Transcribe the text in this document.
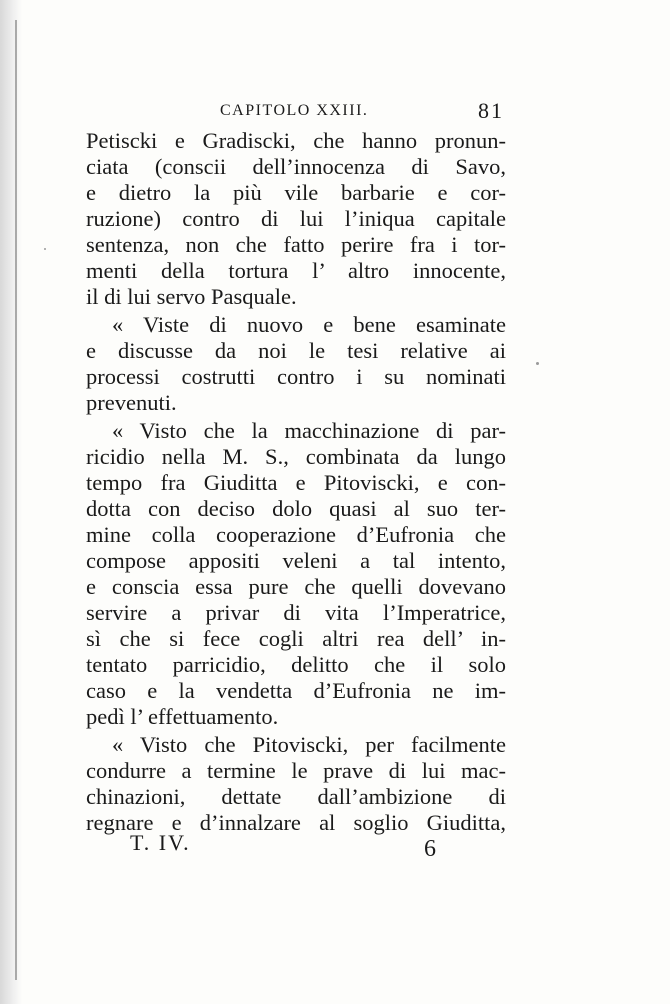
CAPITOLO XXIII.	81
Petiscki e Gradiscki, che hanno pronun-
ciata (conscii dell’innocenza di Savo,
e dietro la più vile barbarie e cor-
ruzione) contro di lui l’iniqua capitale
sentenza, non che fatto perire fra i tor-
menti della tortura l’ altro innocente,
il di lui servo Pasquale.
« Viste di nuovo e bene esaminate
e discusse da noi le tesi relative ai
processi costrutti contro i su nominati
prevenuti.
« Visto che la macchinazione di par-
ricidio nella M. S., combinata da lungo
tempo fra Giuditta e Pitoviscki, e con-
dotta con deciso dolo quasi al suo ter-
mine colla cooperazione d’Eufronia che
compose appositi veleni a tal intento,
e conscia essa pure che quelli dovevano
servire a privar di vita l’Imperatrice,
sì che si fece cogli altri rea dell’ in-
tentato parricidio, delitto che il solo
caso e la vendetta d’Eufronia ne im-
pedì l’ effettuamento.
« Visto che Pitoviscki, per facilmente
condurre a termine le prave di lui mac-
chinazioni, dettate dall’ambizione di
regnare e d’innalzare al soglio Giuditta,
T. IV.	6
